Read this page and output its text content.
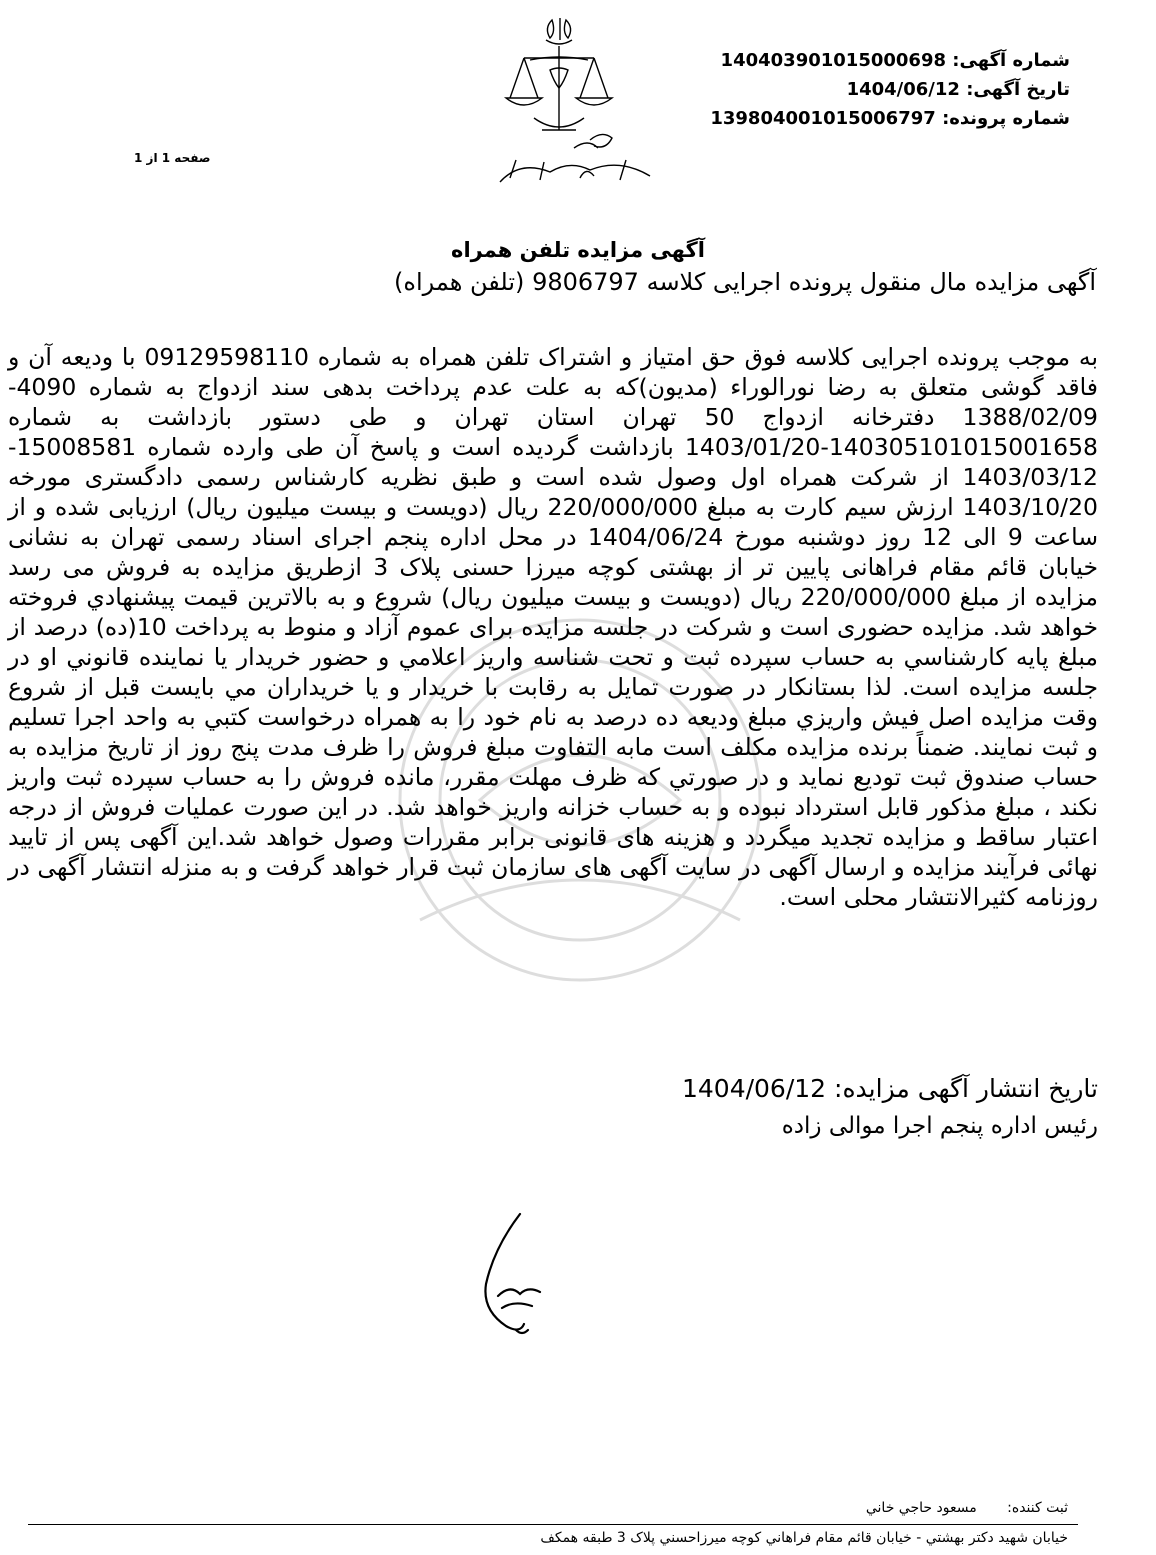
شماره آگهی: 140403901015000698
تاریخ آگهی: 1404/06/12
شماره پرونده: 139804001015006797
صفحه 1 از 1
آگهی مزایده تلفن همراه
آگهی مزایده مال منقول پرونده اجرایی کلاسه 9806797 (تلفن همراه)

به موجب پرونده اجرایی کلاسه فوق حق امتیاز و اشتراک تلفن همراه به شماره 09129598110 با ودیعه آن و فاقد گوشی متعلق به رضا نورالوراء (مدیون)که به علت عدم پرداخت بدهی سند ازدواج به شماره 4090- 1388/02/09 دفترخانه ازدواج 50 تهران استان تهران و طی دستور بازداشت به شماره 140305101015001658-1403/01/20 بازداشت گردیده است و پاسخ آن طی وارده شماره 15008581-1403/03/12 از شرکت همراه اول وصول شده است و طبق نظریه کارشناس رسمی دادگستری مورخه 1403/10/20 ارزش سیم کارت به مبلغ 220/000/000 ریال (دویست و بیست میلیون ریال) ارزیابی شده و از ساعت 9 الی 12 روز دوشنبه مورخ 1404/06/24 در محل اداره پنجم اجرای اسناد رسمی تهران به نشانی خیابان قائم مقام فراهانی پایین تر از بهشتی کوچه میرزا حسنی پلاک 3 ازطریق مزایده به فروش می رسد مزایده از مبلغ 220/000/000 ریال (دویست و بیست میلیون ریال) شروع و به بالاترین قیمت پیشنهادي فروخته خواهد شد. مزایده حضوری است و شرکت در جلسه مزایده برای عموم آزاد و منوط به پرداخت 10(ده) درصد از مبلغ پایه کارشناسي به حساب سپرده ثبت و تحت شناسه واریز اعلامي و حضور خریدار یا نماینده قانوني او در جلسه مزایده است. لذا بستانکار در صورت تمایل به رقابت با خریدار و یا خریداران مي بایست قبل از شروع وقت مزایده اصل فیش واریزي مبلغ ودیعه ده درصد به نام خود را به همراه درخواست کتبي به واحد اجرا تسلیم و ثبت نمایند. ضمناً برنده مزایده مکلف است مابه التفاوت مبلغ فروش را ظرف مدت پنج روز از تاریخ مزایده به حساب صندوق ثبت تودیع نماید و در صورتي که ظرف مهلت مقرر، مانده فروش را به حساب سپرده ثبت واریز نکند ، مبلغ مذکور قابل استرداد نبوده و به حساب خزانه واریز خواهد شد. در این صورت عملیات فروش از درجه اعتبار ساقط و مزایده تجدید میگردد و هزینه های قانونی برابر مقررات وصول خواهد شد.این آگهی پس از تایید نهائی فرآیند مزایده و ارسال آگهی در سایت آگهی های سازمان ثبت قرار خواهد گرفت و به منزله انتشار آگهی در روزنامه کثیرالانتشار محلی است.

تاریخ انتشار آگهی مزایده: 1404/06/12
رئیس اداره پنجم اجرا موالی زاده
ثبت کننده: مسعود حاجي خاني
خیابان شهید دکتر بهشتي - خیابان قائم مقام فراهاني کوچه میرزاحسني پلاک 3 طبقه همکف
